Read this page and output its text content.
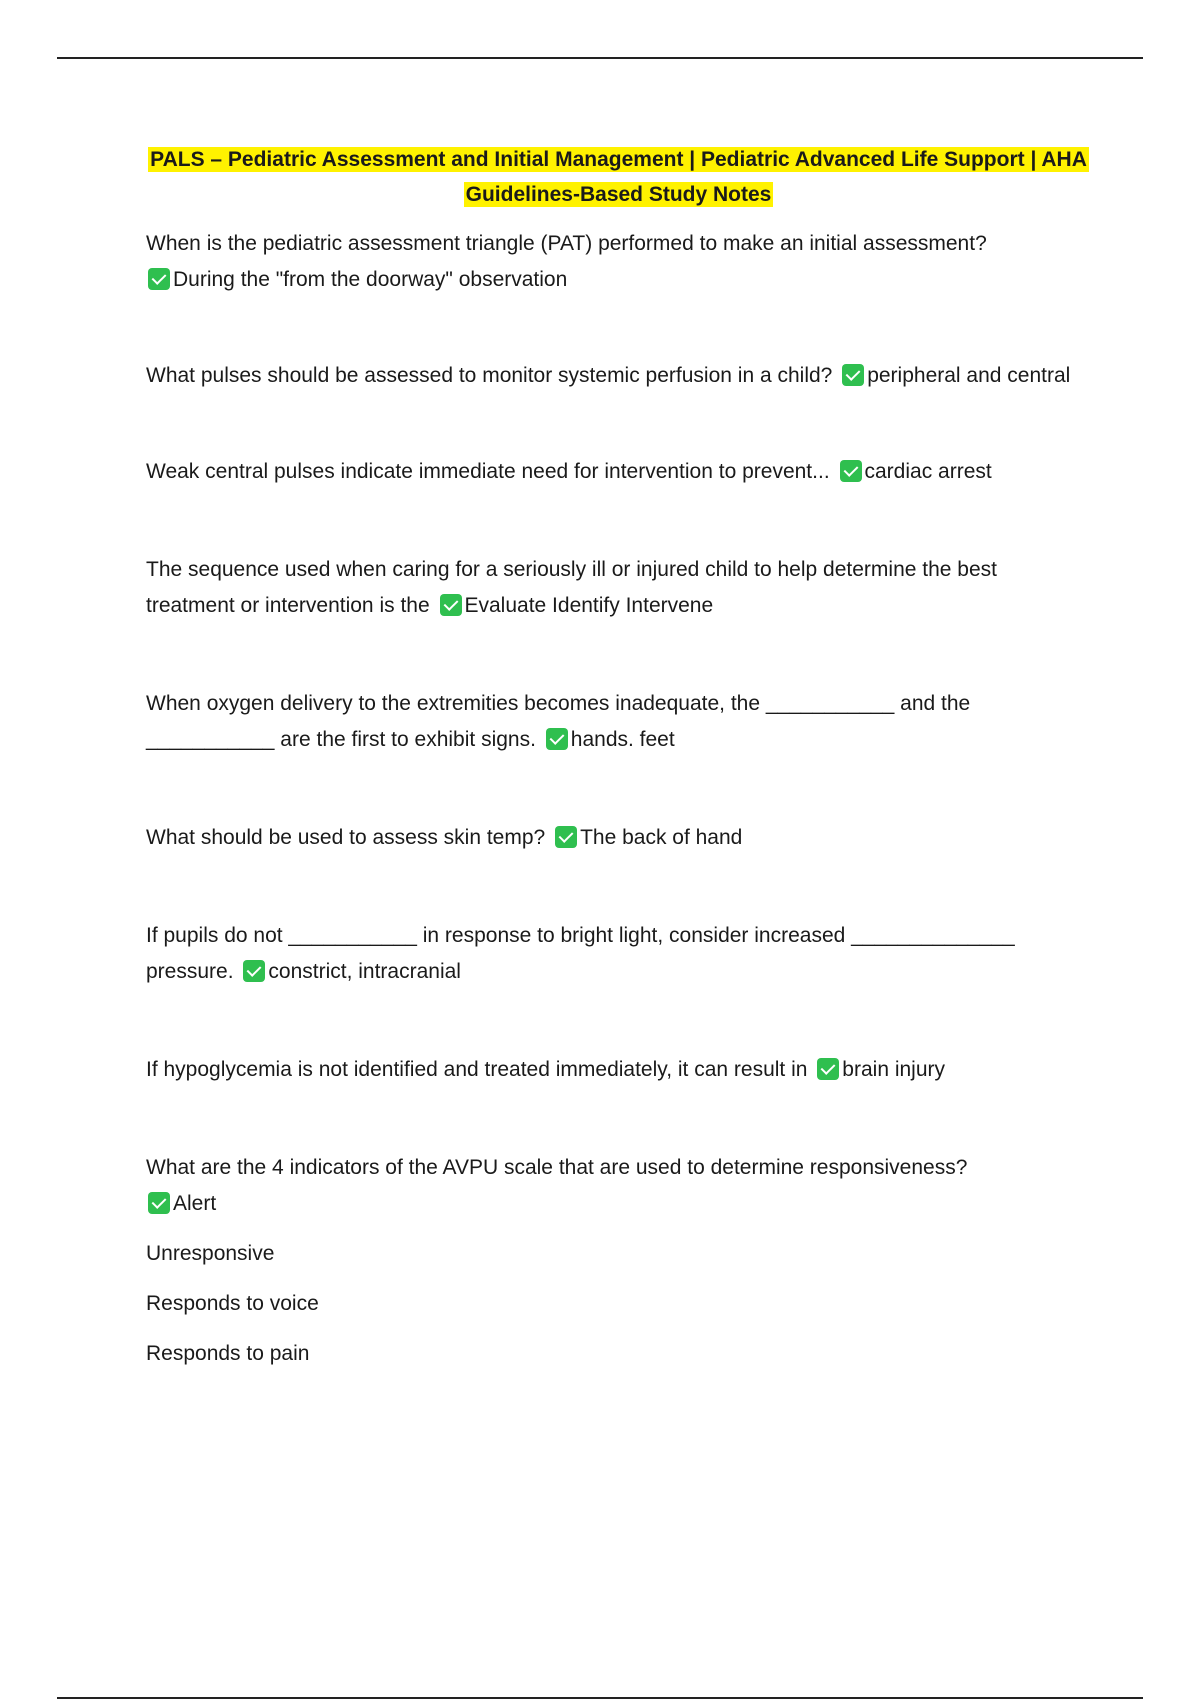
PALS – Pediatric Assessment and Initial Management | Pediatric Advanced Life Support | AHA
Guidelines-Based Study Notes

When is the pediatric assessment triangle (PAT) performed to make an initial assessment?
During the "from the doorway" observation

What pulses should be assessed to monitor systemic perfusion in a child? peripheral and central

Weak central pulses indicate immediate need for intervention to prevent... cardiac arrest

The sequence used when caring for a seriously ill or injured child to help determine the best treatment or intervention is the Evaluate Identify Intervene

When oxygen delivery to the extremities becomes inadequate, the ___________ and the ___________ are the first to exhibit signs. hands. feet

What should be used to assess skin temp? The back of hand

If pupils do not ___________ in response to bright light, consider increased ______________ pressure. constrict, intracranial

If hypoglycemia is not identified and treated immediately, it can result in brain injury

What are the 4 indicators of the AVPU scale that are used to determine responsiveness?
Alert

Unresponsive
Responds to voice
Responds to pain
